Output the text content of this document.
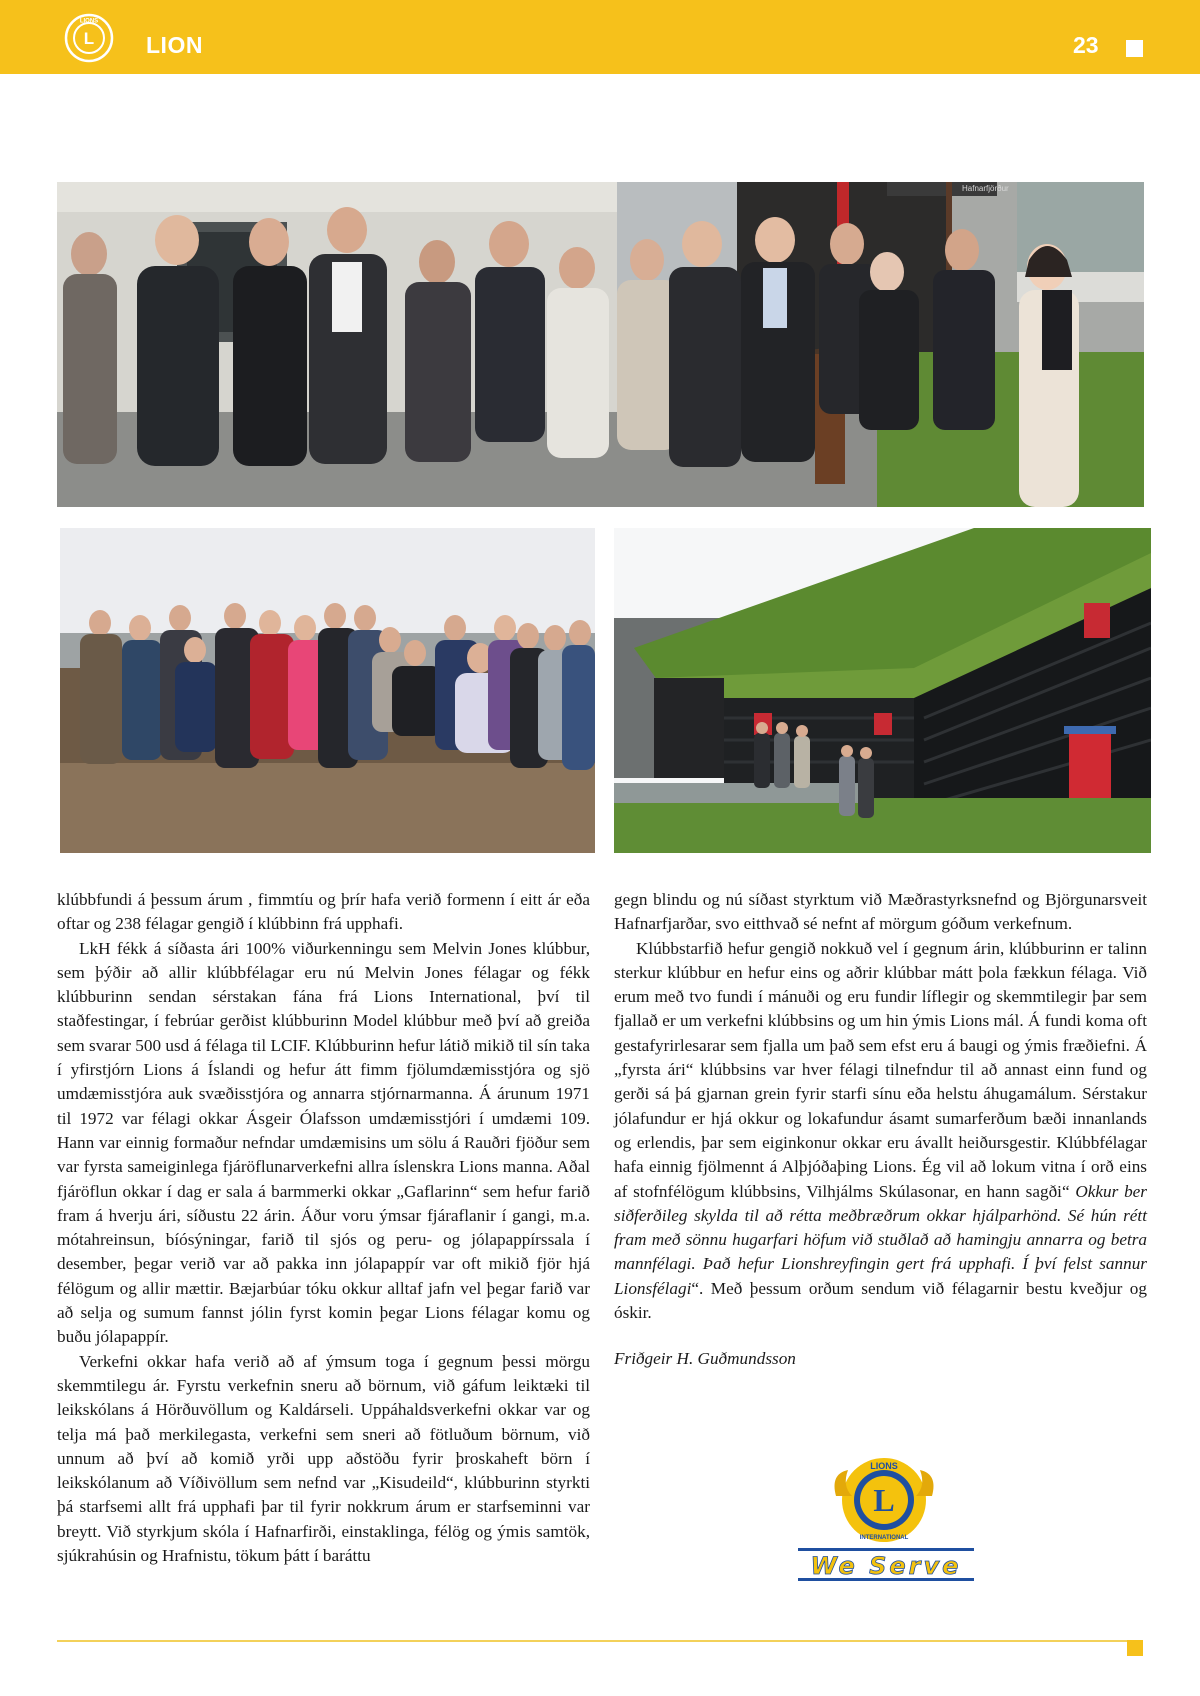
L
LIONS
LION	23
Hafnarfjörður

klúbbfundi á þessum árum , fimmtíu og þrír hafa verið formenn í eitt ár eða oftar og 238 félagar gengið í klúbbinn frá upphafi.

LkH fékk á síðasta ári 100% viðurkenningu sem Melvin Jones klúbbur, sem þýðir að allir klúbbfélagar eru nú Melvin Jones félagar og fékk klúbburinn sendan sérstakan fána frá Lions International, því til staðfestingar, í febrúar gerðist klúbburinn Model klúbbur með því að greiða sem svarar 500 usd á félaga til LCIF. Klúbburinn hefur látið mikið til sín taka í yfirstjórn Lions á Íslandi og hefur átt fimm fjölumdæmisstjóra og sjö umdæmisstjóra auk svæðisstjóra og annarra stjórnarmanna. Á árunum 1971 til 1972 var félagi okkar Ásgeir Ólafsson umdæmisstjóri í umdæmi 109. Hann var einnig formaður nefndar umdæmisins um sölu á Rauðri fjöður sem var fyrsta sameiginlega fjáröflunarverkefni allra íslenskra Lions manna. Aðal fjáröflun okkar í dag er sala á barmmerki okkar „Gaflarinn“ sem hefur farið fram á hverju ári, síðustu 22 árin. Áður voru ýmsar fjáraflanir í gangi, m.a. mótahreinsun, bíósýningar, farið til sjós og peru- og jólapappírssala í desember, þegar verið var að pakka inn jólapappír var oft mikið fjör hjá félögum og allir mættir. Bæjarbúar tóku okkur alltaf jafn vel þegar farið var að selja og sumum fannst jólin fyrst komin þegar Lions félagar komu og buðu jólapappír.

Verkefni okkar hafa verið að af ýmsum toga í gegnum þessi mörgu skemmtilegu ár. Fyrstu verkefnin sneru að börnum, við gáfum leiktæki til leikskólans á Hörðuvöllum og Kaldárseli. Uppáhaldsverkefni okkar var og telja má það merkilegasta, verkefni sem sneri að fötluðum börnum, við unnum að því að komið yrði upp aðstöðu fyrir þroskaheft börn í leikskólanum að Víðivöllum sem nefnd var „Kisudeild“, klúbburinn styrkti þá starfsemi allt frá upphafi þar til fyrir nokkrum árum er starfseminni var breytt. Við styrkjum skóla í Hafnarfirði, einstaklinga, félög og ýmis samtök, sjúkrahúsin og Hrafnistu, tökum þátt í baráttu

gegn blindu og nú síðast styrktum við Mæðrastyrksnefnd og Björgunarsveit Hafnarfjarðar, svo eitthvað sé nefnt af mörgum góðum verkefnum.

Klúbbstarfið hefur gengið nokkuð vel í gegnum árin, klúbburinn er talinn sterkur klúbbur en hefur eins og aðrir klúbbar mátt þola fækkun félaga. Við erum með tvo fundi í mánuði og eru fundir líflegir og skemmtilegir þar sem fjallað er um verkefni klúbbsins og um hin ýmis Lions mál. Á fundi koma oft gestafyrirlesarar sem fjalla um það sem efst eru á baugi og ýmis fræðiefni. Á „fyrsta ári“ klúbbsins var hver félagi tilnefndur til að annast einn fund og gerði sá þá gjarnan grein fyrir starfi sínu eða helstu áhugamálum. Sérstakur jólafundur er hjá okkur og lokafundur ásamt sumarferðum bæði innanlands og erlendis, þar sem eiginkonur okkar eru ávallt heiðursgestir. Klúbbfélagar hafa einnig fjölmennt á Alþjóðaþing Lions. Ég vil að lokum vitna í orð eins af stofnfélögum klúbbsins, Vilhjálms Skúlasonar, en hann sagði“ Okkur ber siðferðileg skylda til að rétta meðbræðrum okkar hjálparhönd. Sé hún rétt fram með sönnu hugarfari höfum við stuðlað að hamingju annarra og betra mannfélagi. Það hefur Lionshreyfingin gert frá upphafi. Í því felst sannur Lionsfélagi“. Með þessum orðum sendum við félagarnir bestu kveðjur og óskir.

Friðgeir H. Guðmundsson

L
LIONS
INTERNATIONAL
We Serve
